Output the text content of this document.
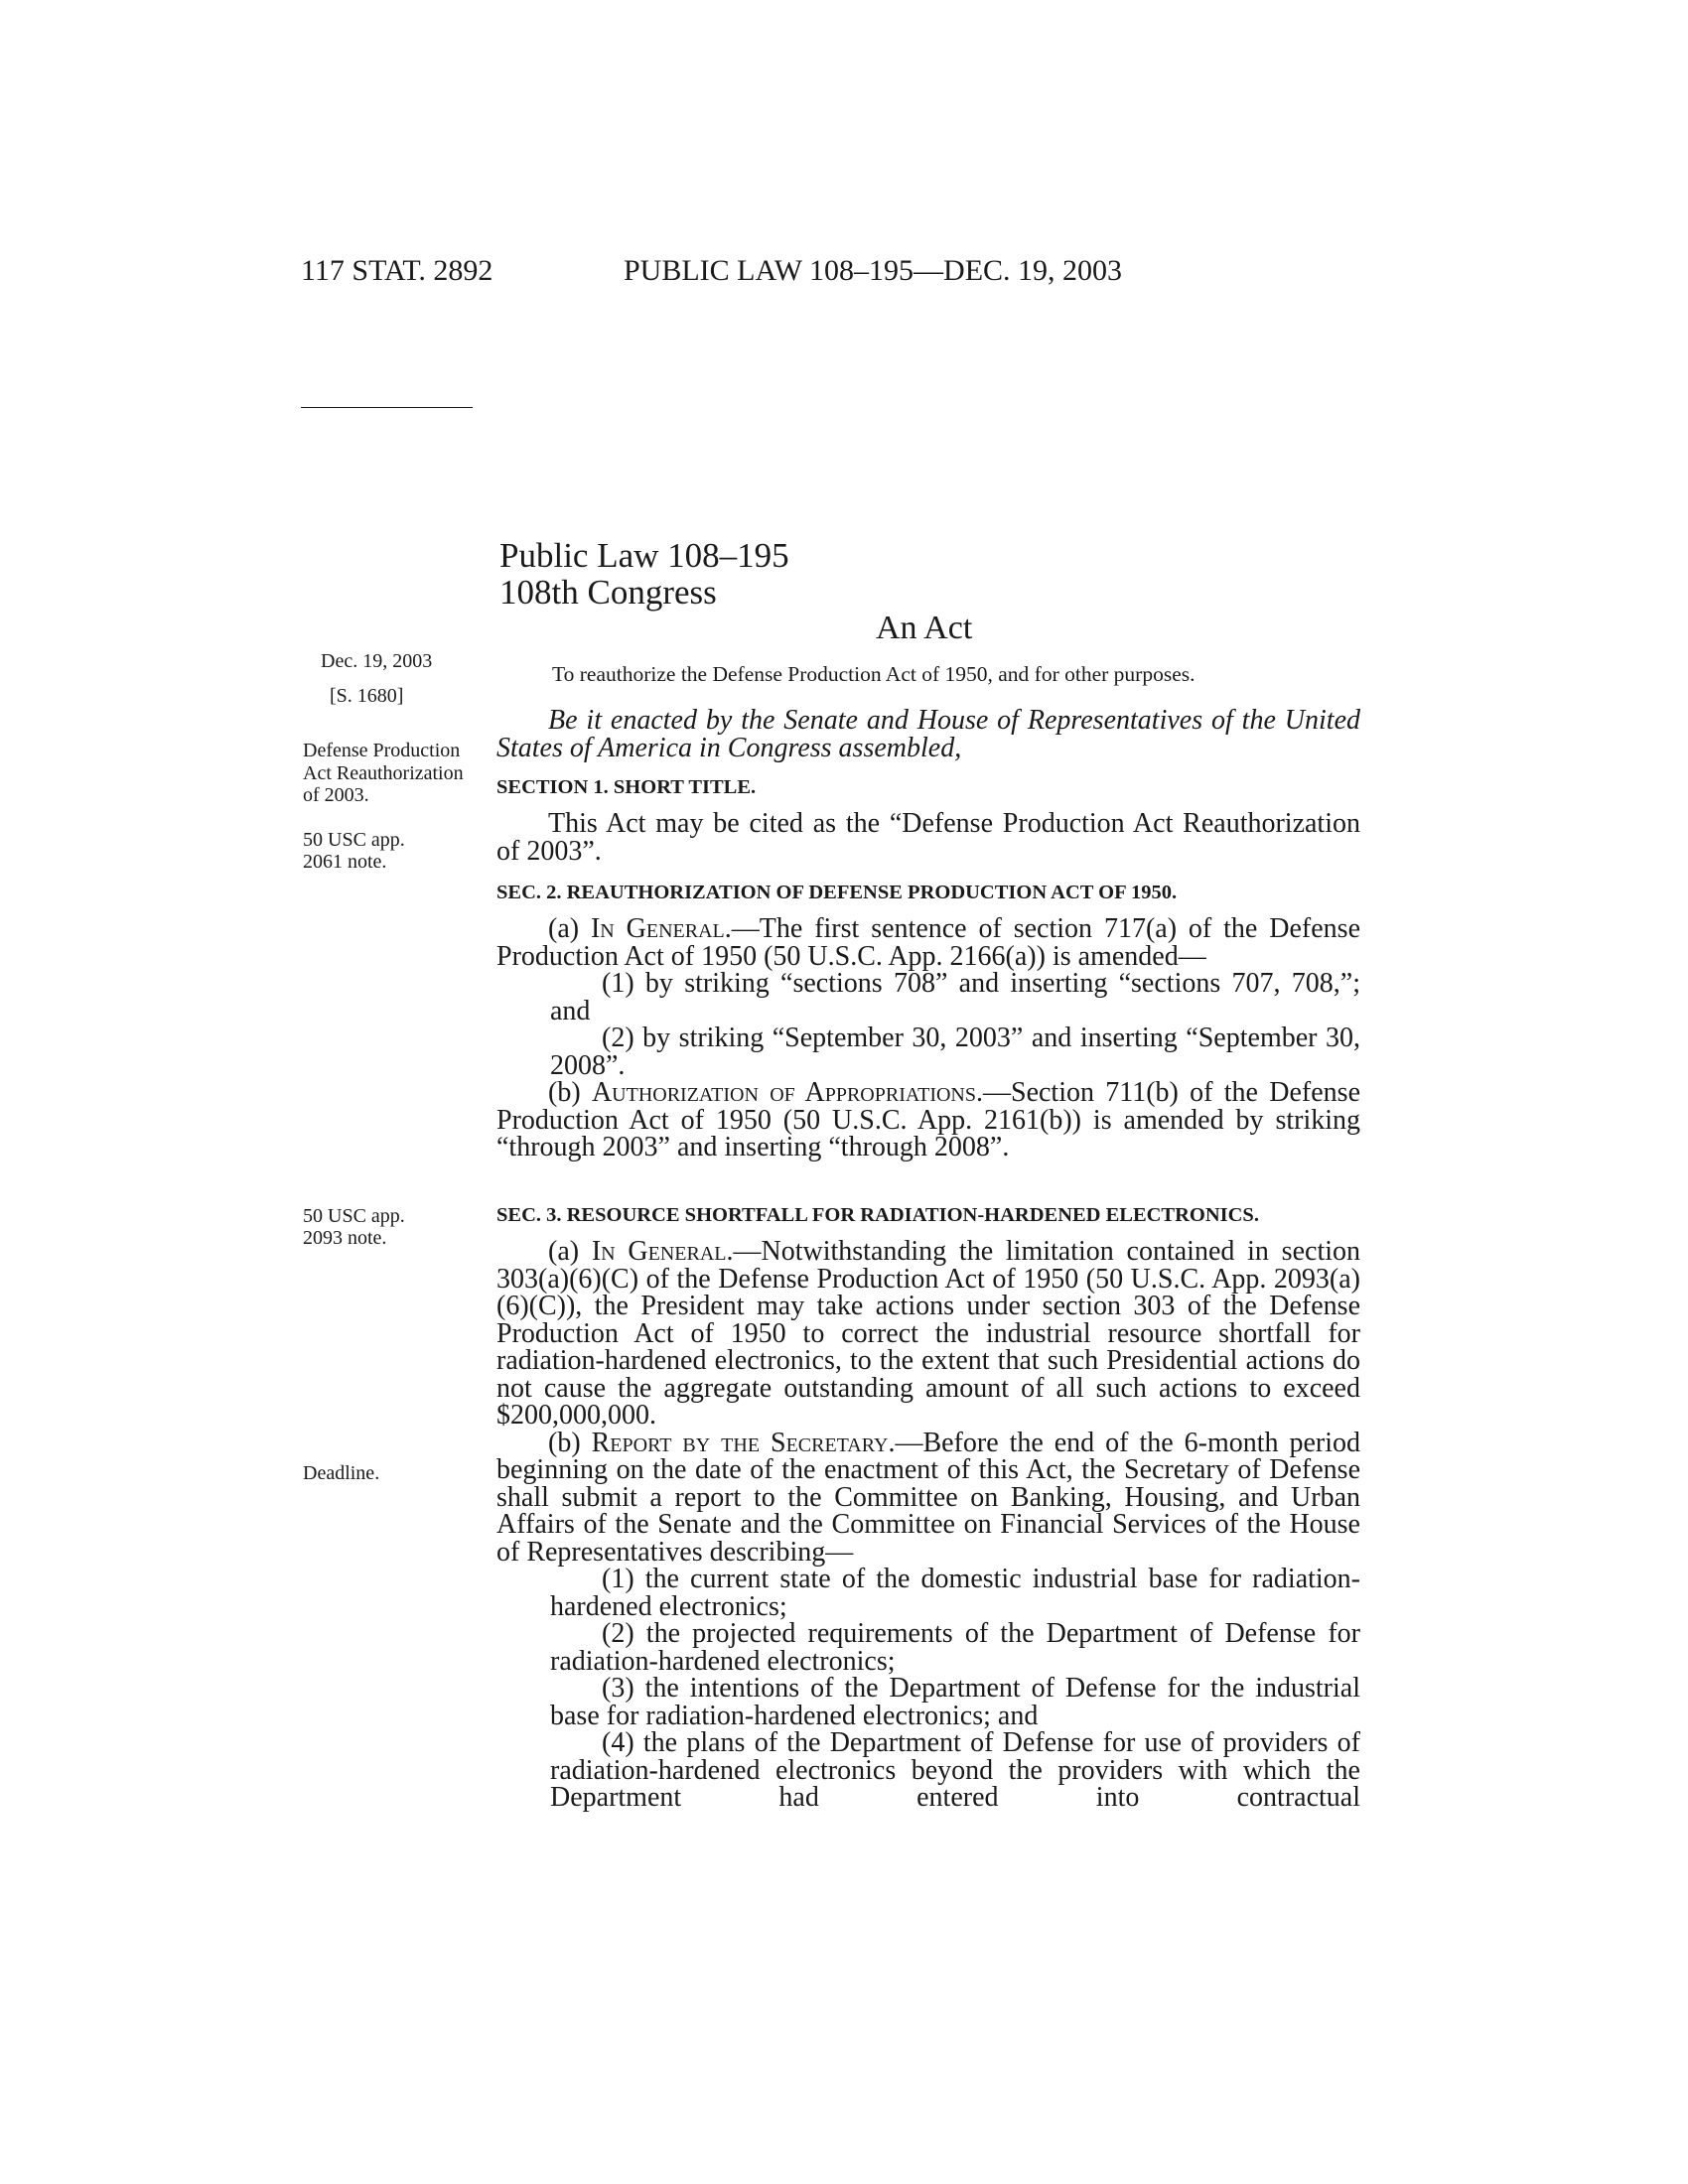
117 STAT. 2892	PUBLIC LAW 108–195—DEC. 19, 2003
Public Law 108–195
108th Congress
An Act
To reauthorize the Defense Production Act of 1950, and for other purposes.
Dec. 19, 2003
[S. 1680]
Defense Production Act Reauthorization of 2003.
50 USC app.
2061 note.
50 USC app.
2093 note.
Deadline.

Be it enacted by the Senate and House of Representatives of the United States of America in Congress assembled,

SECTION 1. SHORT TITLE.

This Act may be cited as the “Defense Production Act Reauthorization of 2003”.

SEC. 2. REAUTHORIZATION OF DEFENSE PRODUCTION ACT OF 1950.

(a) In General.—The first sentence of section 717(a) of the Defense Production Act of 1950 (50 U.S.C. App. 2166(a)) is amended—

(1) by striking “sections 708” and inserting “sections 707, 708,”; and

(2) by striking “September 30, 2003” and inserting “September 30, 2008”.

(b) Authorization of Appropriations.—Section 711(b) of the Defense Production Act of 1950 (50 U.S.C. App. 2161(b)) is amended by striking “through 2003” and inserting “through 2008”.

SEC. 3. RESOURCE SHORTFALL FOR RADIATION-HARDENED ELECTRONICS.

(a) In General.—Notwithstanding the limitation contained in section 303(a)(6)(C) of the Defense Production Act of 1950 (50 U.S.C. App. 2093(a)(6)(C)), the President may take actions under section 303 of the Defense Production Act of 1950 to correct the industrial resource shortfall for radiation-hardened electronics, to the extent that such Presidential actions do not cause the aggregate outstanding amount of all such actions to exceed $200,000,000.

(b) Report by the Secretary.—Before the end of the 6-month period beginning on the date of the enactment of this Act, the Secretary of Defense shall submit a report to the Committee on Banking, Housing, and Urban Affairs of the Senate and the Committee on Financial Services of the House of Representatives describing—

(1) the current state of the domestic industrial base for radiation-hardened electronics;

(2) the projected requirements of the Department of Defense for radiation-hardened electronics;

(3) the intentions of the Department of Defense for the industrial base for radiation-hardened electronics; and

(4) the plans of the Department of Defense for use of providers of radiation-hardened electronics beyond the providers with which the Department had entered into contractual
